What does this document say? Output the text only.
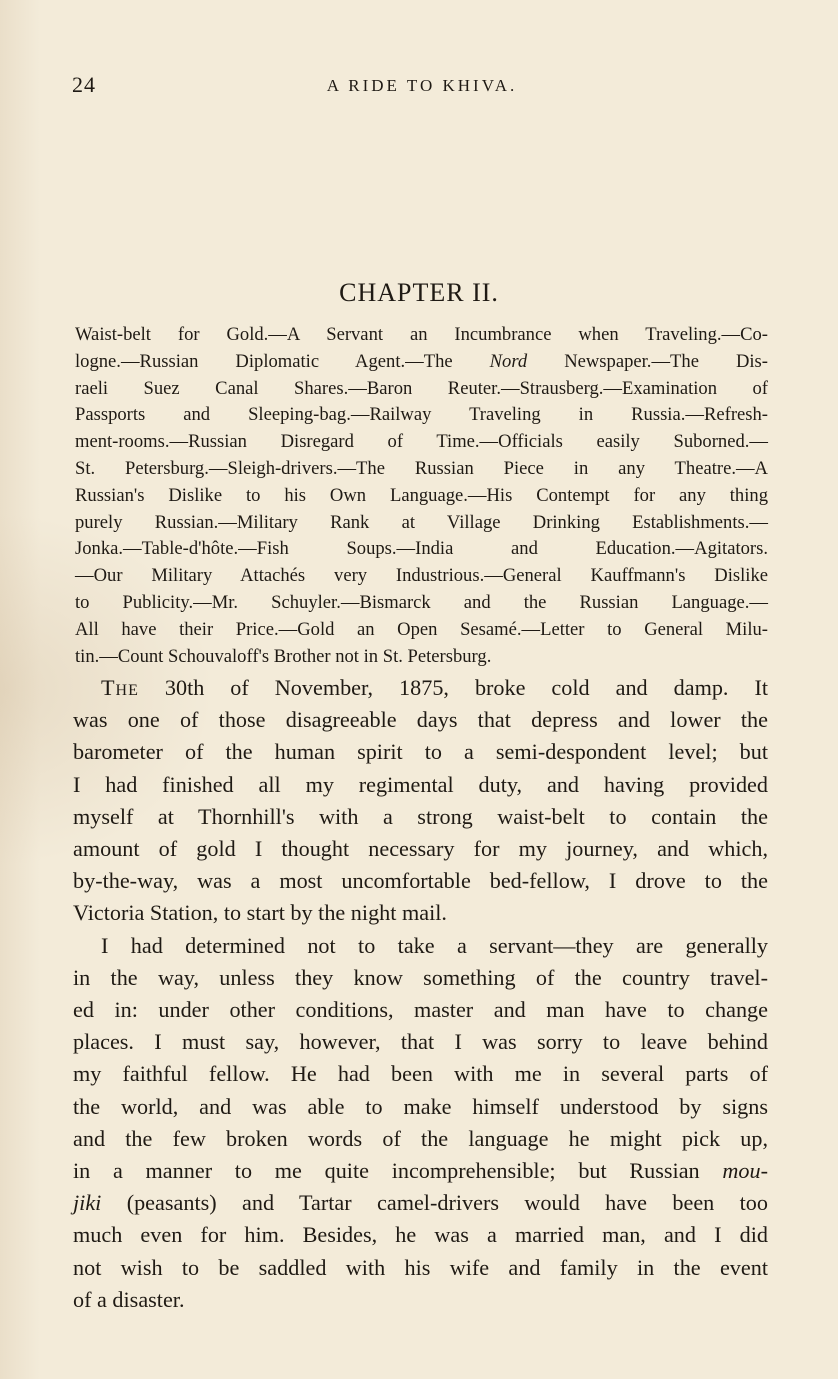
24	A RIDE TO KHIVA.
CHAPTER II.
Waist-belt for Gold.—A Servant an Incumbrance when Traveling.—Co-
logne.—Russian Diplomatic Agent.—The Nord Newspaper.—The Dis-
raeli Suez Canal Shares.—Baron Reuter.—Strausberg.—Examination of
Passports and Sleeping-bag.—Railway Traveling in Russia.—Refresh-
ment-rooms.—Russian Disregard of Time.—Officials easily Suborned.—
St. Petersburg.—Sleigh-drivers.—The Russian Piece in any Theatre.—A
Russian's Dislike to his Own Language.—His Contempt for any thing
purely Russian.—Military Rank at Village Drinking Establishments.—
Jonka.—Table-d'hôte.—Fish Soups.—India and Education.—Agitators.
—Our Military Attachés very Industrious.—General Kauffmann's Dislike
to Publicity.—Mr. Schuyler.—Bismarck and the Russian Language.—
All have their Price.—Gold an Open Sesamé.—Letter to General Milu-
tin.—Count Schouvaloff's Brother not in St. Petersburg.
The 30th of November, 1875, broke cold and damp. It
was one of those disagreeable days that depress and lower the
barometer of the human spirit to a semi-despondent level; but
I had finished all my regimental duty, and having provided
myself at Thornhill's with a strong waist-belt to contain the
amount of gold I thought necessary for my journey, and which,
by-the-way, was a most uncomfortable bed-fellow, I drove to the
Victoria Station, to start by the night mail.
I had determined not to take a servant—they are generally
in the way, unless they know something of the country travel-
ed in: under other conditions, master and man have to change
places. I must say, however, that I was sorry to leave behind
my faithful fellow. He had been with me in several parts of
the world, and was able to make himself understood by signs
and the few broken words of the language he might pick up,
in a manner to me quite incomprehensible; but Russian mou-
jiki (peasants) and Tartar camel-drivers would have been too
much even for him. Besides, he was a married man, and I did
not wish to be saddled with his wife and family in the event
of a disaster.
